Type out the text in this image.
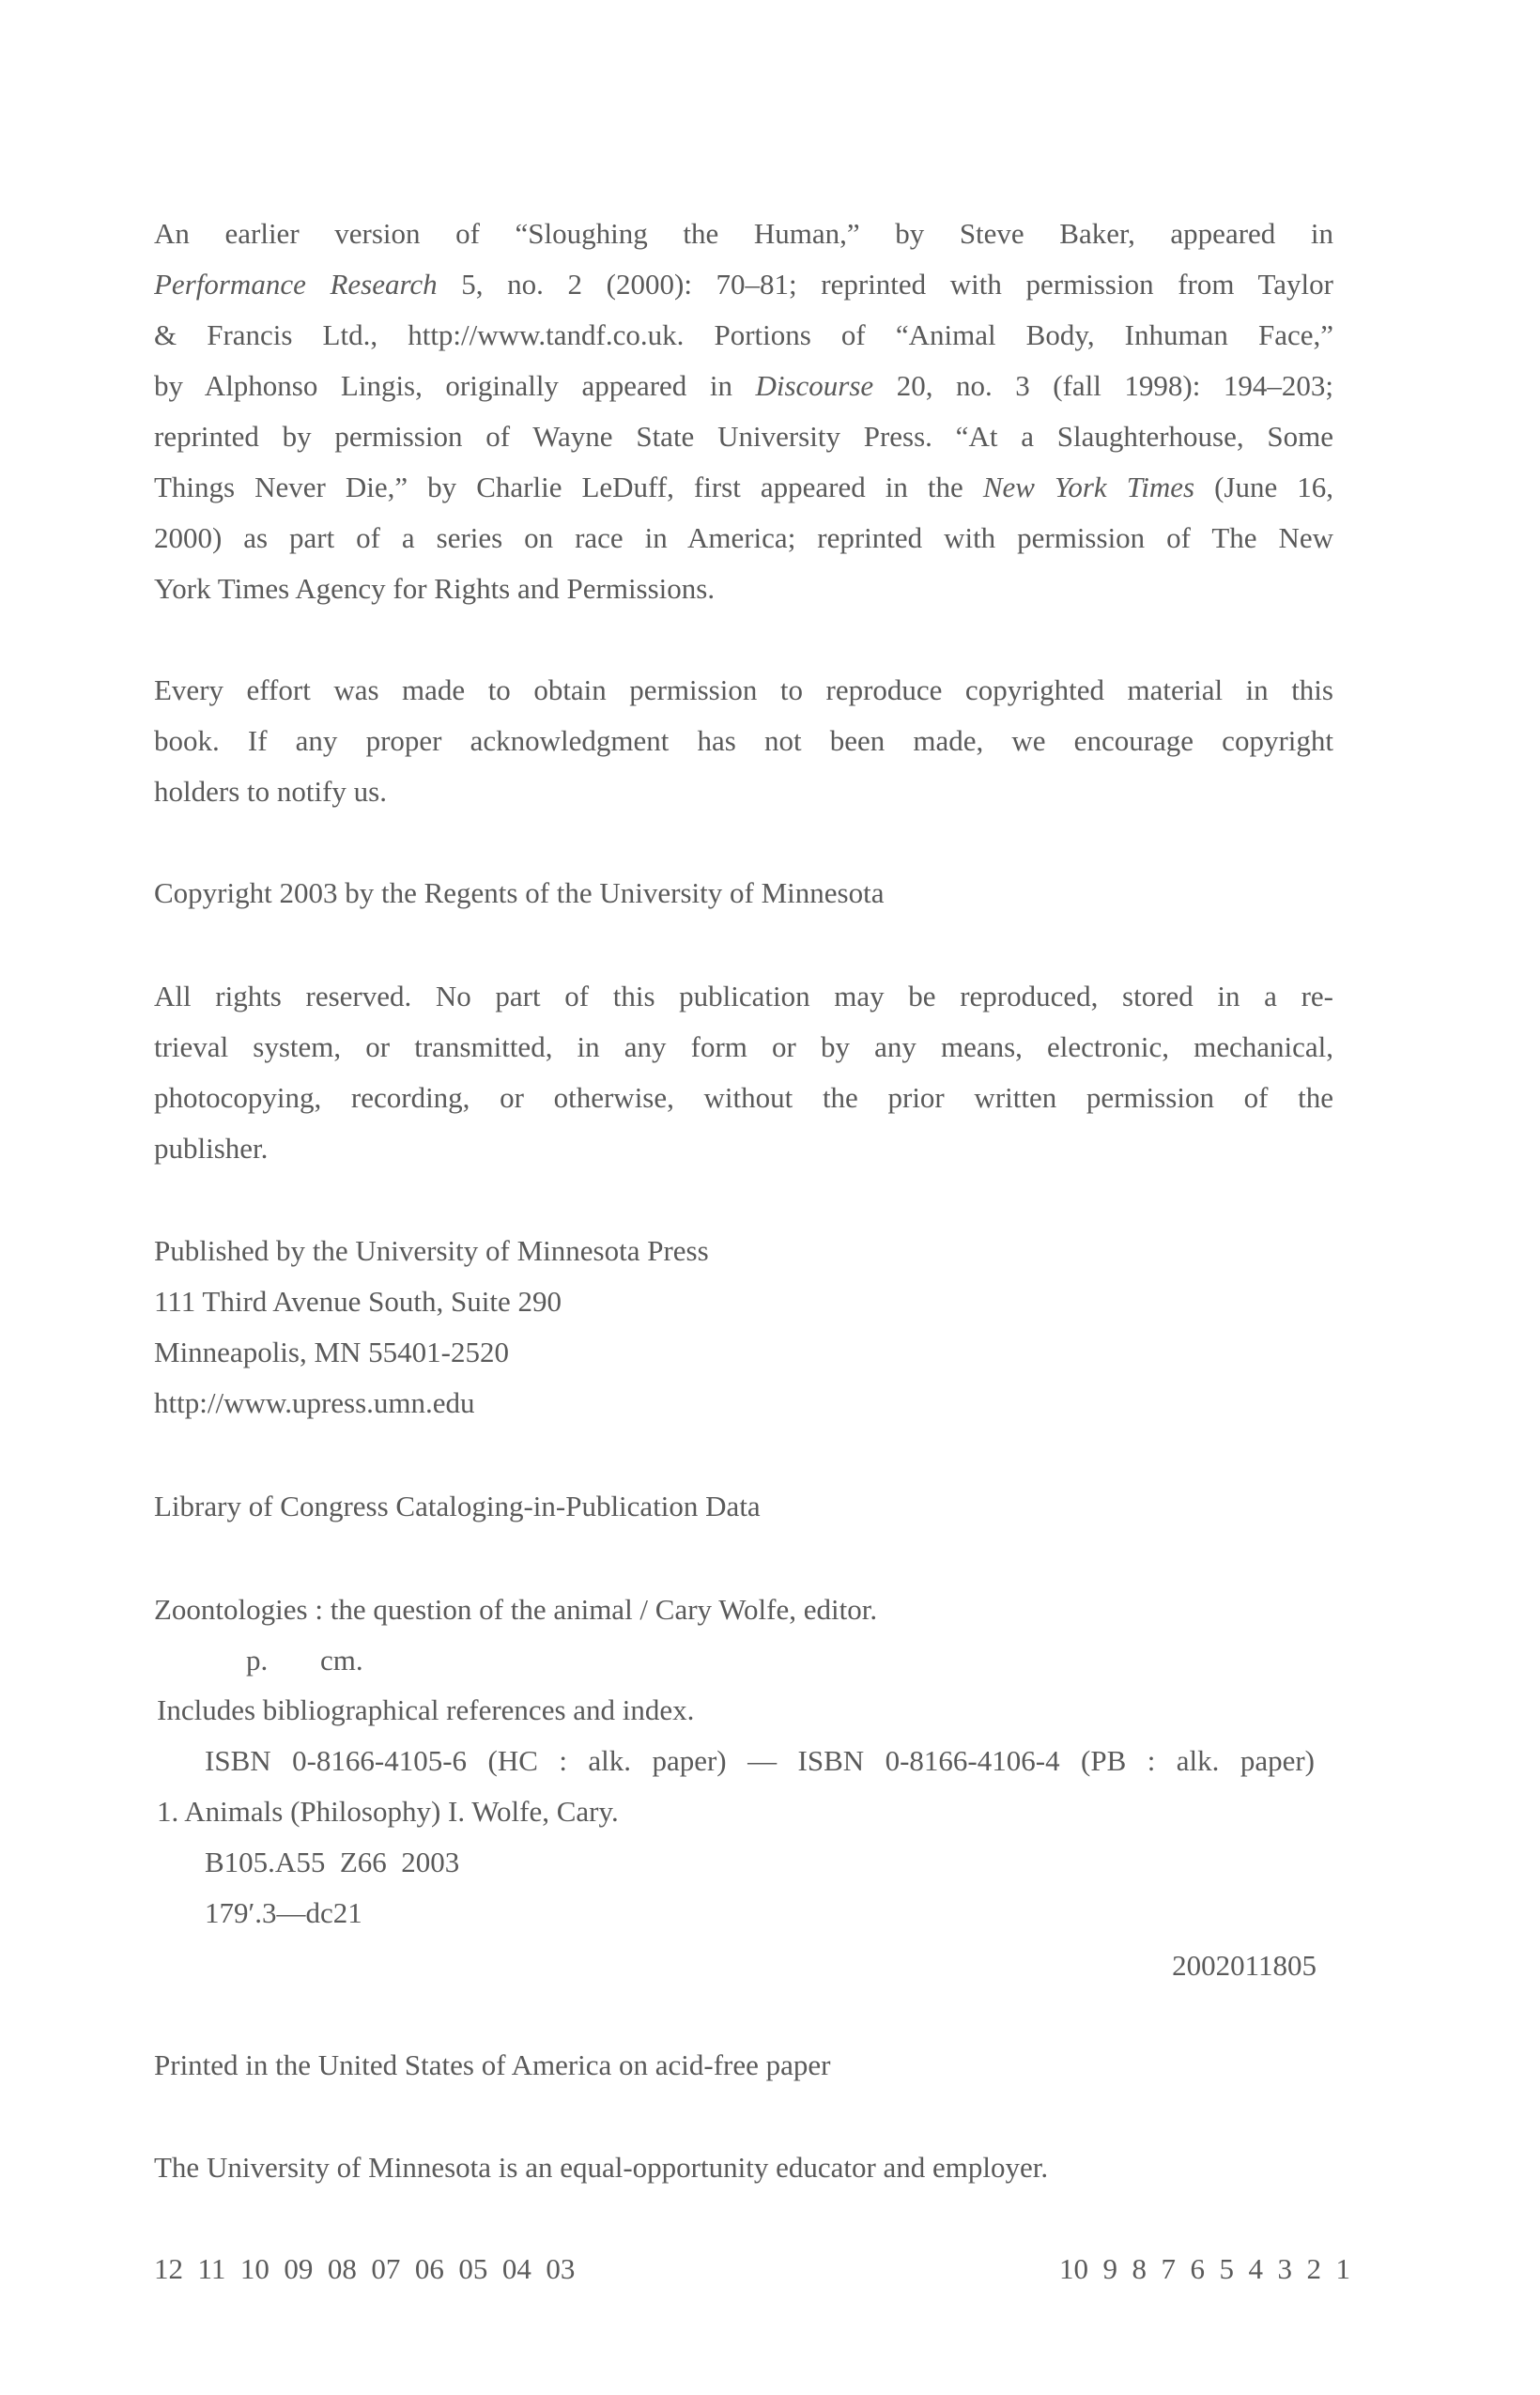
An earlier version of “Sloughing the Human,” by Steve Baker, appeared in
Performance Research 5, no. 2 (2000): 70–81; reprinted with permission from Taylor
& Francis Ltd., http://www.tandf.co.uk. Portions of “Animal Body, Inhuman Face,”
by Alphonso Lingis, originally appeared in Discourse 20, no. 3 (fall 1998): 194–203;
reprinted by permission of Wayne State University Press. “At a Slaughterhouse, Some
Things Never Die,” by Charlie LeDuff, first appeared in the New York Times (June 16,
2000) as part of a series on race in America; reprinted with permission of The New
York Times Agency for Rights and Permissions.
Every effort was made to obtain permission to reproduce copyrighted material in this
book. If any proper acknowledgment has not been made, we encourage copyright
holders to notify us.
Copyright 2003 by the Regents of the University of Minnesota
All rights reserved. No part of this publication may be reproduced, stored in a re-
trieval system, or transmitted, in any form or by any means, electronic, mechanical,
photocopying, recording, or otherwise, without the prior written permission of the
publisher.
Published by the University of Minnesota Press
111 Third Avenue South, Suite 290
Minneapolis, MN 55401-2520
http://www.upress.umn.edu
Library of Congress Cataloging-in-Publication Data
Zoontologies : the question of the animal / Cary Wolfe, editor.
p. cm.
Includes bibliographical references and index.
ISBN 0-8166-4105-6 (HC : alk. paper) — ISBN 0-8166-4106-4 (PB : alk. paper)
1. Animals (Philosophy) I. Wolfe, Cary.
B105.A55  Z66  2003
179′.3—dc21
2002011805
Printed in the United States of America on acid-free paper
The University of Minnesota is an equal-opportunity educator and employer.
12  11  10  09  08  07  06  05  04  03	10  9  8  7  6  5  4  3  2  1
